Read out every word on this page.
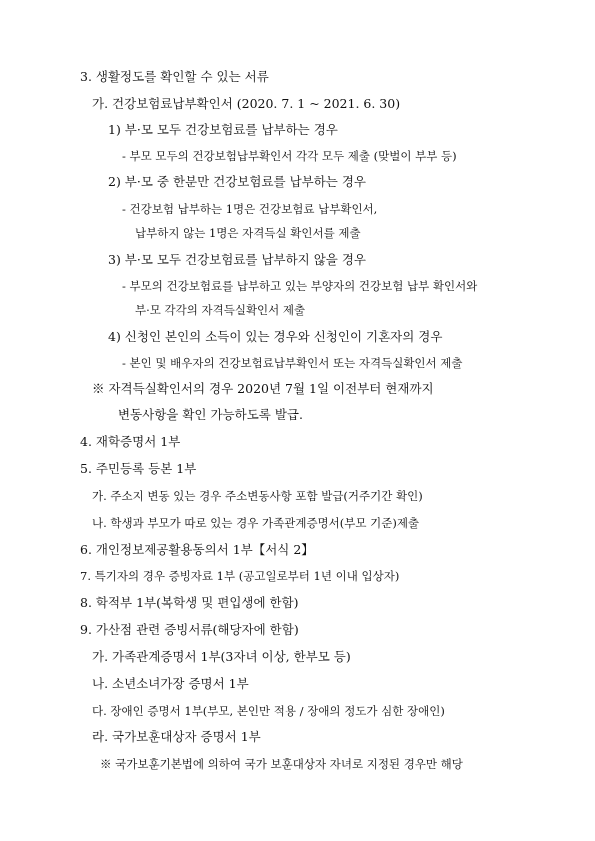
3. 생활정도를 확인할 수 있는 서류
가. 건강보험료납부확인서 (2020. 7. 1 ~ 2021. 6. 30)
1) 부·모 모두 건강보험료를 납부하는 경우
- 부모 모두의 건강보험납부확인서 각각 모두 제출 (맞벌이 부부 등)
2) 부·모 중 한분만 건강보험료를 납부하는 경우
- 건강보험 납부하는 1명은 건강보험료 납부확인서,
납부하지 않는 1명은 자격득실 확인서를 제출
3) 부·모 모두 건강보험료를 납부하지 않을 경우
- 부모의 건강보험료를 납부하고 있는 부양자의 건강보험 납부 확인서와
부·모 각각의 자격득실확인서 제출
4) 신청인 본인의 소득이 있는 경우와 신청인이 기혼자의 경우
- 본인 및 배우자의 건강보험료납부확인서 또는 자격득실확인서 제출
※ 자격득실확인서의 경우 2020년 7월 1일 이전부터 현재까지
변동사항을 확인 가능하도록 발급.
4. 재학증명서 1부
5. 주민등록 등본 1부
가. 주소지 변동 있는 경우 주소변동사항 포함 발급(거주기간 확인)
나. 학생과 부모가 따로 있는 경우 가족관계증명서(부모 기준)제출
6. 개인정보제공활용동의서 1부【서식 2】
7. 특기자의 경우 증빙자료 1부 (공고일로부터 1년 이내 입상자)
8. 학적부 1부(복학생 및 편입생에 한함)
9. 가산점 관련 증빙서류(해당자에 한함)
가. 가족관계증명서 1부(3자녀 이상, 한부모 등)
나. 소년소녀가장 증명서 1부
다. 장애인 증명서 1부(부모, 본인만 적용 / 장애의 정도가 심한 장애인)
라. 국가보훈대상자 증명서 1부
※ 국가보훈기본법에 의하여 국가 보훈대상자 자녀로 지정된 경우만 해당
